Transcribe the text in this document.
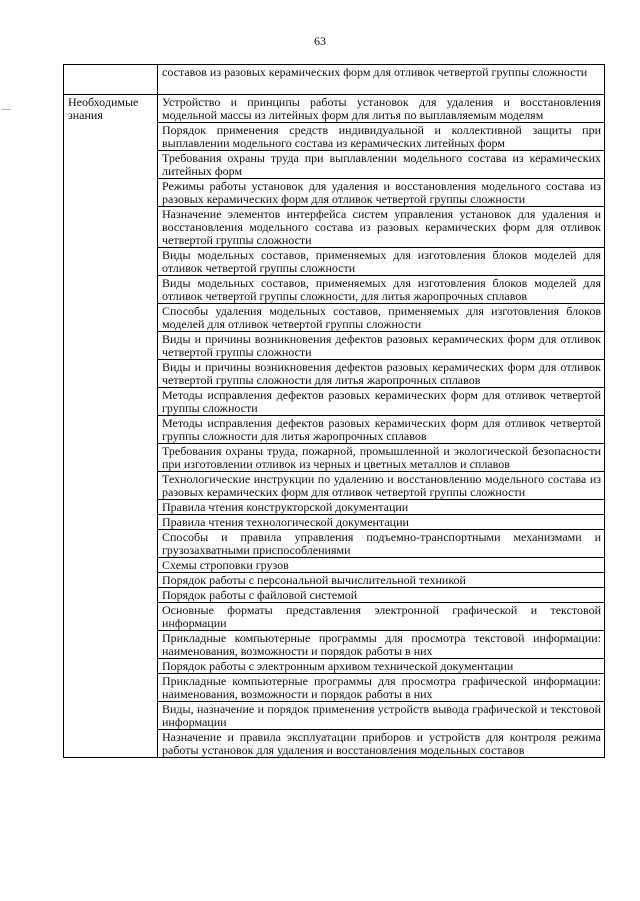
63
—
	составов из разовых керамических форм для отливок четвертой группы сложности
Необходимые знания	Устройство и принципы работы установок для удаления и восстановления модельной массы из литейных форм для литья по выплавляемым моделям
	Порядок применения средств индивидуальной и коллективной защиты при выплавлении модельного состава из керамических литейных форм
	Требования охраны труда при выплавлении модельного состава из керамических литейных форм
	Режимы работы установок для удаления и восстановления модельного состава из разовых керамических форм для отливок четвертой группы сложности
	Назначение элементов интерфейса систем управления установок для удаления и восстановления модельного состава из разовых керамических форм для отливок четвертой группы сложности
	Виды модельных составов, применяемых для изготовления блоков моделей для отливок четвертой группы сложности
	Виды модельных составов, применяемых для изготовления блоков моделей для отливок четвертой группы сложности, для литья жаропрочных сплавов
	Способы удаления модельных составов, применяемых для изготовления блоков моделей для отливок четвертой группы сложности
	Виды и причины возникновения дефектов разовых керамических форм для отливок четвертой группы сложности
	Виды и причины возникновения дефектов разовых керамических форм для отливок четвертой группы сложности для литья жаропрочных сплавов
	Методы исправления дефектов разовых керамических форм для отливок четвертой группы сложности
	Методы исправления дефектов разовых керамических форм для отливок четвертой группы сложности для литья жаропрочных сплавов
	Требования охраны труда, пожарной, промышленной и экологической безопасности при изготовлении отливок из черных и цветных металлов и сплавов
	Технологические инструкции по удалению и восстановлению модельного состава из разовых керамических форм для отливок четвертой группы сложности
	Правила чтения конструкторской документации
	Правила чтения технологической документации
	Способы и правила управления подъемно-транспортными механизмами и грузозахватными приспособлениями
	Схемы строповки грузов
	Порядок работы с персональной вычислительной техникой
	Порядок работы с файловой системой
	Основные форматы представления электронной графической и текстовой информации
	Прикладные компьютерные программы для просмотра текстовой информации: наименования, возможности и порядок работы в них
	Порядок работы с электронным архивом технической документации
	Прикладные компьютерные программы для просмотра графической информации: наименования, возможности и порядок работы в них
	Виды, назначение и порядок применения устройств вывода графической и текстовой информации
	Назначение и правила эксплуатации приборов и устройств для контроля режима работы установок для удаления и восстановления модельных составов
